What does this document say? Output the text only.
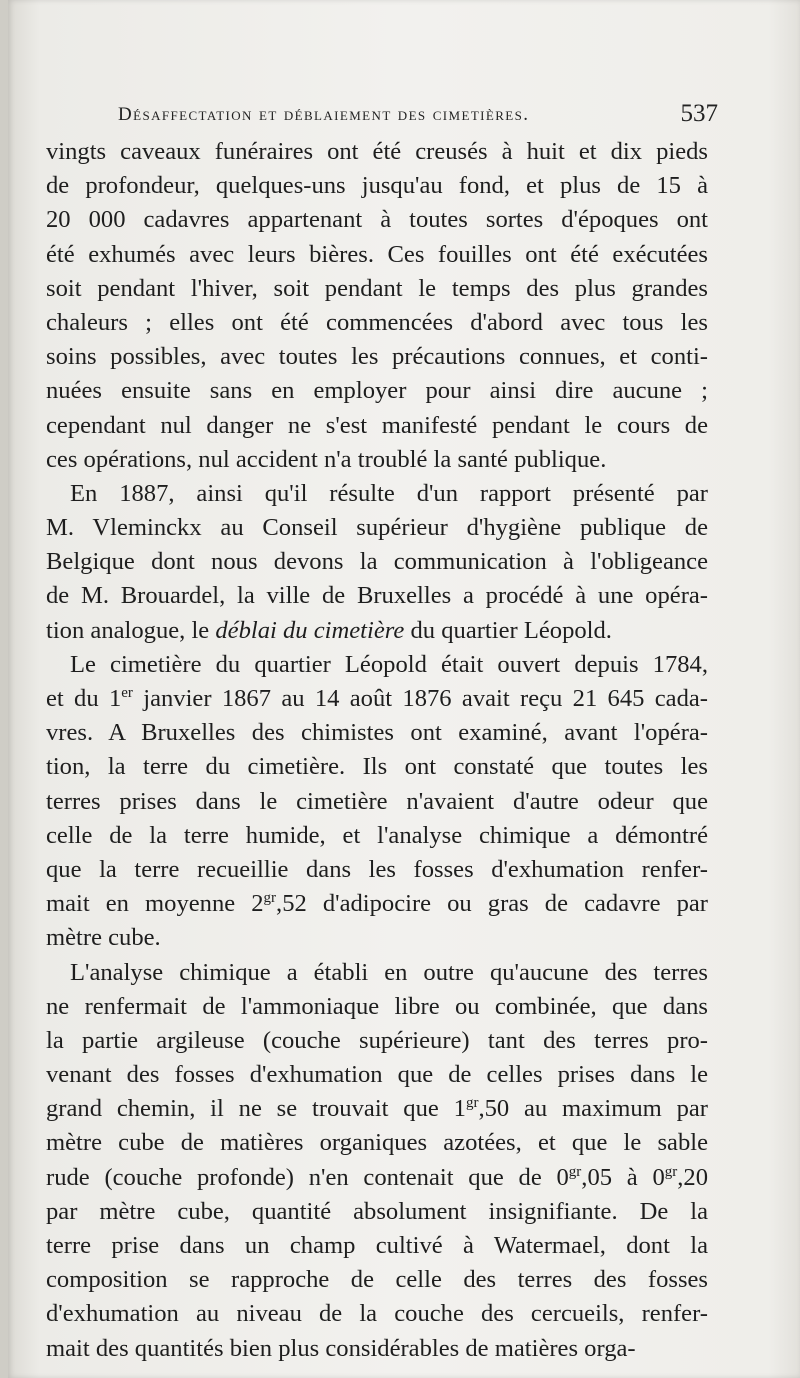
Désaffectation et déblaiement des cimetières.	537
vingts caveaux funéraires ont été creusés à huit et dix pieds
de profondeur, quelques-uns jusqu'au fond, et plus de 15 à
20 000 cadavres appartenant à toutes sortes d'époques ont
été exhumés avec leurs bières. Ces fouilles ont été exécutées
soit pendant l'hiver, soit pendant le temps des plus grandes
chaleurs ; elles ont été commencées d'abord avec tous les
soins possibles, avec toutes les précautions connues, et conti-
nuées ensuite sans en employer pour ainsi dire aucune ;
cependant nul danger ne s'est manifesté pendant le cours de
ces opérations, nul accident n'a troublé la santé publique.
En 1887, ainsi qu'il résulte d'un rapport présenté par
M. Vleminckx au Conseil supérieur d'hygiène publique de
Belgique dont nous devons la communication à l'obligeance
de M. Brouardel, la ville de Bruxelles a procédé à une opéra-
tion analogue, le déblai du cimetière du quartier Léopold.
Le cimetière du quartier Léopold était ouvert depuis 1784,
et du 1er janvier 1867 au 14 août 1876 avait reçu 21 645 cada-
vres. A Bruxelles des chimistes ont examiné, avant l'opéra-
tion, la terre du cimetière. Ils ont constaté que toutes les
terres prises dans le cimetière n'avaient d'autre odeur que
celle de la terre humide, et l'analyse chimique a démontré
que la terre recueillie dans les fosses d'exhumation renfer-
mait en moyenne $2^{gr},52$ d'adipocire ou gras de cadavre par
mètre cube.
L'analyse chimique a établi en outre qu'aucune des terres
ne renfermait de l'ammoniaque libre ou combinée, que dans
la partie argileuse (couche supérieure) tant des terres pro-
venant des fosses d'exhumation que de celles prises dans le
grand chemin, il ne se trouvait que $1^{gr},50$ au maximum par
mètre cube de matières organiques azotées, et que le sable
rude (couche profonde) n'en contenait que de $0^{gr},05$ à $0^{gr},20$
par mètre cube, quantité absolument insignifiante. De la
terre prise dans un champ cultivé à Watermael, dont la
composition se rapproche de celle des terres des fosses
d'exhumation au niveau de la couche des cercueils, renfer-
mait des quantités bien plus considérables de matières orga-
